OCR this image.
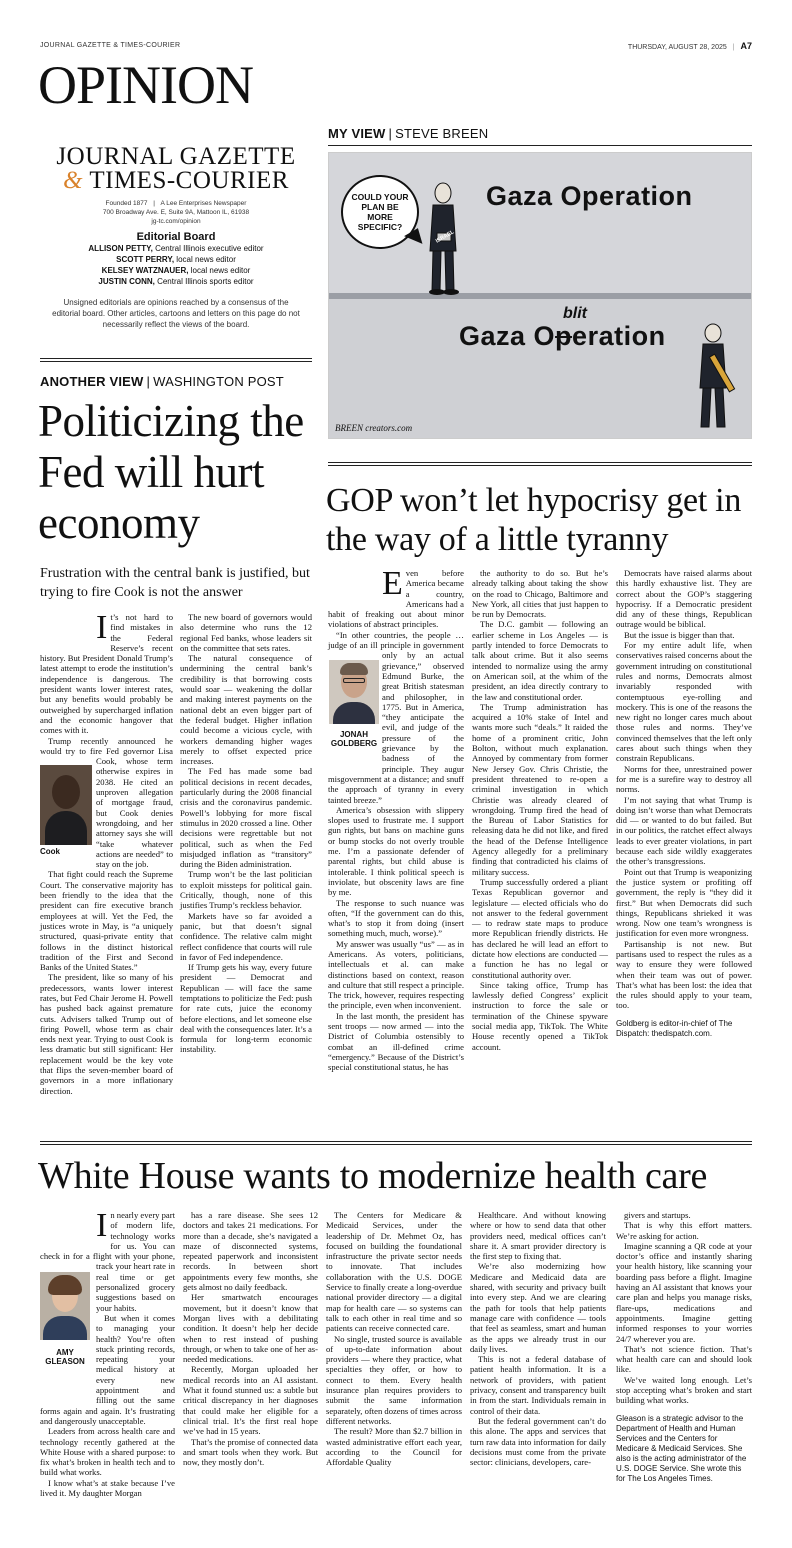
JOURNAL GAZETTE & TIMES-COURIER	THURSDAY, AUGUST 28, 2025 | A7
OPINION
JOURNAL GAZETTE
& TIMES-COURIER
Founded 1877 | A Lee Enterprises Newspaper
700 Broadway Ave. E, Suite 9A, Mattoon IL, 61938
jg-tc.com/opinion
Editorial Board
ALLISON PETTY, Central Illinois executive editor
SCOTT PERRY, local news editor
KELSEY WATZNAUER, local news editor
JUSTIN CONN, Central Illinois sports editor
Unsigned editorials are opinions reached by a consensus of the editorial board. Other articles, cartoons and letters on this page do not necessarily reflect the views of the board.
ANOTHER VIEW | WASHINGTON POST
Politicizing the Fed will hurt economy
Frustration with the central bank is justified, but trying to fire Cook is not the answer
Cook

It’s not hard to find mistakes in the Federal Reserve’s recent history. But President Donald Trump’s latest attempt to erode the institution’s independence is dangerous. The president wants lower interest rates, but any benefits would probably be outweighed by supercharged inflation and the economic hangover that comes with it.

Trump recently announced he would try to fire Fed governor Lisa Cook, whose term otherwise expires in 2038. He cited an unproven allegation of mortgage fraud, but Cook denies wrongdoing, and her attorney says she will “take whatever actions are needed” to stay on the job.

That fight could reach the Supreme Court. The conservative majority has been friendly to the idea that the president can fire executive branch employees at will. Yet the Fed, the justices wrote in May, is “a uniquely structured, quasi-private entity that follows in the distinct historical tradition of the First and Second Banks of the United States.”

The president, like so many of his predecessors, wants lower interest rates, but Fed Chair Jerome H. Powell has pushed back against premature cuts. Advisers talked Trump out of firing Powell, whose term as chair ends next year. Trying to oust Cook is less dramatic but still significant: Her replacement would be the key vote that flips the seven-member board of governors in a more inflationary direction.

The new board of governors would also determine who runs the 12 regional Fed banks, whose leaders sit on the committee that sets rates.

The natural consequence of undermining the central bank’s credibility is that borrowing costs would soar — weakening the dollar and making interest payments on the national debt an even bigger part of the federal budget. Higher inflation could become a vicious cycle, with workers demanding higher wages merely to offset expected price increases.

The Fed has made some bad political decisions in recent decades, particularly during the 2008 financial crisis and the coronavirus pandemic. Powell’s lobbying for more fiscal stimulus in 2020 crossed a line. Other decisions were regrettable but not political, such as when the Fed misjudged inflation as “transitory” during the Biden administration.

Trump won’t be the last politician to exploit missteps for political gain. Critically, though, none of this justifies Trump’s reckless behavior.

Markets have so far avoided a panic, but that doesn’t signal confidence. The relative calm might reflect confidence that courts will rule in favor of Fed independence.

If Trump gets his way, every future president — Democrat and Republican — will face the same temptations to politicize the Fed: push for rate cuts, juice the economy before elections, and let someone else deal with the consequences later. It’s a formula for long-term economic instability.

MY VIEW | STEVE BREEN
COULD YOUR PLAN BE MORE SPECIFIC?
ISRAEL
Gaza Operation
blit
Gaza Operation
BREEN creators.com
GOP won’t let hypocrisy get in the way of a little tyranny
JONAH
GOLDBERG

Even before America became a country, Americans had a habit of freaking out about minor violations of abstract principles.

“In other countries, the people … judge of an ill principle in government only by an actual grievance,” observed Edmund Burke, the great British statesman and philosopher, in 1775. But in America, “they anticipate the evil, and judge of the pressure of the grievance by the badness of the principle. They augur misgovernment at a distance; and snuff the approach of tyranny in every tainted breeze.”

America’s obsession with slippery slopes used to frustrate me. I support gun rights, but bans on machine guns or bump stocks do not overly trouble me. I’m a passionate defender of parental rights, but child abuse is intolerable. I think political speech is inviolate, but obscenity laws are fine by me.

The response to such nuance was often, “If the government can do this, what’s to stop it from doing (insert something much, much, worse).”

My answer was usually “us” — as in Americans. As voters, politicians, intellectuals et al. can make distinctions based on context, reason and culture that still respect a principle. The trick, however, requires respecting the principle, even when inconvenient.

In the last month, the president has sent troops — now armed — into the District of Columbia ostensibly to combat an ill-defined crime “emergency.” Because of the District’s special constitutional status, he has

the authority to do so. But he’s already talking about taking the show on the road to Chicago, Baltimore and New York, all cities that just happen to be run by Democrats.

The D.C. gambit — following an earlier scheme in Los Angeles — is partly intended to force Democrats to talk about crime. But it also seems intended to normalize using the army on American soil, at the whim of the president, an idea directly contrary to the law and constitutional order.

The Trump administration has acquired a 10% stake of Intel and wants more such “deals.” It raided the home of a prominent critic, John Bolton, without much explanation. Annoyed by commentary from former New Jersey Gov. Chris Christie, the president threatened to re-open a criminal investigation in which Christie was already cleared of wrongdoing. Trump fired the head of the Bureau of Labor Statistics for releasing data he did not like, and fired the head of the Defense Intelligence Agency allegedly for a preliminary finding that contradicted his claims of military success.

Trump successfully ordered a pliant Texas Republican governor and legislature — elected officials who do not answer to the federal government — to redraw state maps to produce more Republican friendly districts. He has declared he will lead an effort to dictate how elections are conducted — a function he has no legal or constitutional authority over.

Since taking office, Trump has lawlessly defied Congress’ explicit instruction to force the sale or termination of the Chinese spyware social media app, TikTok. The White House recently opened a TikTok account.

Democrats have raised alarms about this hardly exhaustive list. They are correct about the GOP’s staggering hypocrisy. If a Democratic president did any of these things, Republican outrage would be biblical.

But the issue is bigger than that.

For my entire adult life, when conservatives raised concerns about the government intruding on constitutional rules and norms, Democrats almost invariably responded with contemptuous eye-rolling and mockery. This is one of the reasons the new right no longer cares much about those rules and norms. They’ve convinced themselves that the left only cares about such things when they constrain Republicans.

Norms for thee, unrestrained power for me is a surefire way to destroy all norms.

I’m not saying that what Trump is doing isn’t worse than what Democrats did — or wanted to do but failed. But in our politics, the ratchet effect always leads to ever greater violations, in part because each side wildly exaggerates the other’s transgressions.

Point out that Trump is weaponizing the justice system or profiting off government, the reply is “they did it first.” But when Democrats did such things, Republicans shrieked it was wrong. Now one team’s wrongness is justification for even more wrongness.

Partisanship is not new. But partisans used to respect the rules as a way to ensure they were followed when their team was out of power. That’s what has been lost: the idea that the rules should apply to your team, too.

Goldberg is editor-in-chief of The Dispatch: thedispatch.com.
White House wants to modernize health care
AMY
GLEASON

In nearly every part of modern life, technology works for us. You can check in for a flight with your phone, track your heart rate in real time or get personalized grocery suggestions based on your habits.

But when it comes to managing your health? You’re often stuck printing records, repeating your medical history at every new appointment and filling out the same forms again and again. It’s frustrating and dangerously unacceptable.

Leaders from across health care and technology recently gathered at the White House with a shared purpose: to fix what’s broken in health tech and to build what works.

I know what’s at stake because I’ve lived it. My daughter Morgan

has a rare disease. She sees 12 doctors and takes 21 medications. For more than a decade, she’s navigated a maze of disconnected systems, repeated paperwork and inconsistent records. In between short appointments every few months, she gets almost no daily feedback.

Her smartwatch encourages movement, but it doesn’t know that Morgan lives with a debilitating condition. It doesn’t help her decide when to rest instead of pushing through, or when to take one of her as-needed medications.

Recently, Morgan uploaded her medical records into an AI assistant. What it found stunned us: a subtle but critical discrepancy in her diagnoses that could make her eligible for a clinical trial. It’s the first real hope we’ve had in 15 years.

That’s the promise of connected data and smart tools when they work. But now, they mostly don’t.

The Centers for Medicare & Medicaid Services, under the leadership of Dr. Mehmet Oz, has focused on building the foundational infrastructure the private sector needs to innovate. That includes collaboration with the U.S. DOGE Service to finally create a long-overdue national provider directory — a digital map for health care — so systems can talk to each other in real time and so patients can receive connected care.

No single, trusted source is available of up-to-date information about providers — where they practice, what specialties they offer, or how to connect to them. Every health insurance plan requires providers to submit the same information separately, often dozens of times across different networks.

The result? More than $2.7 billion in wasted administrative effort each year, according to the Council for Affordable Quality

Healthcare. And without knowing where or how to send data that other providers need, medical offices can’t share it. A smart provider directory is the first step to fixing that.

We’re also modernizing how Medicare and Medicaid data are shared, with security and privacy built into every step. And we are clearing the path for tools that help patients manage care with confidence — tools that feel as seamless, smart and human as the apps we already trust in our daily lives.

This is not a federal database of patient health information. It is a network of providers, with patient privacy, consent and transparency built in from the start. Individuals remain in control of their data.

But the federal government can’t do this alone. The apps and services that turn raw data into information for daily decisions must come from the private sector: clinicians, developers, care-

givers and startups.

That is why this effort matters. We’re asking for action.

Imagine scanning a QR code at your doctor’s office and instantly sharing your health history, like scanning your boarding pass before a flight. Imagine having an AI assistant that knows your care plan and helps you manage risks, flare-ups, medications and appointments. Imagine getting informed responses to your worries 24/7 wherever you are.

That’s not science fiction. That’s what health care can and should look like.

We’ve waited long enough. Let’s stop accepting what’s broken and start building what works.

Gleason is a strategic advisor to the Department of Health and Human Services and the Centers for Medicare & Medicaid Services. She also is the acting administrator of the U.S. DOGE Service. She wrote this for The Los Angeles Times.
